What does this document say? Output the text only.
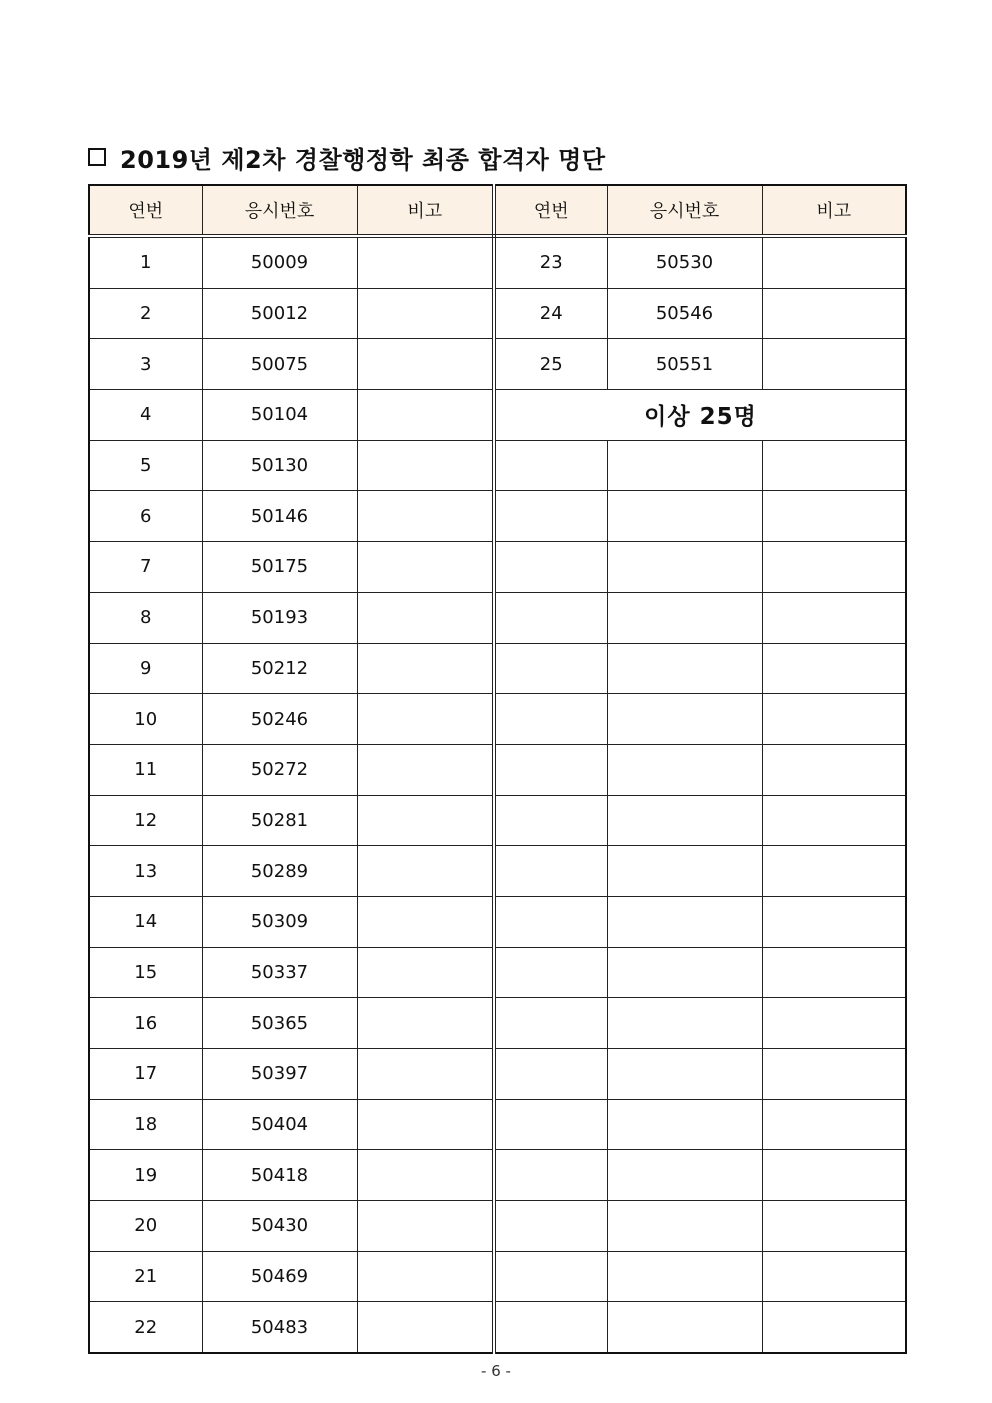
2019년 제2차 경찰행정학 최종 합격자 명단
연번	응시번호	비고	연번	응시번호	비고
1	50009		23	50530	
2	50012		24	50546	
3	50075		25	50551	
4	50104		이상 25명		
5	50130				
6	50146				
7	50175				
8	50193				
9	50212				
10	50246				
11	50272				
12	50281				
13	50289				
14	50309				
15	50337				
16	50365				
17	50397				
18	50404				
19	50418				
20	50430				
21	50469				
22	50483				
- 6 -
